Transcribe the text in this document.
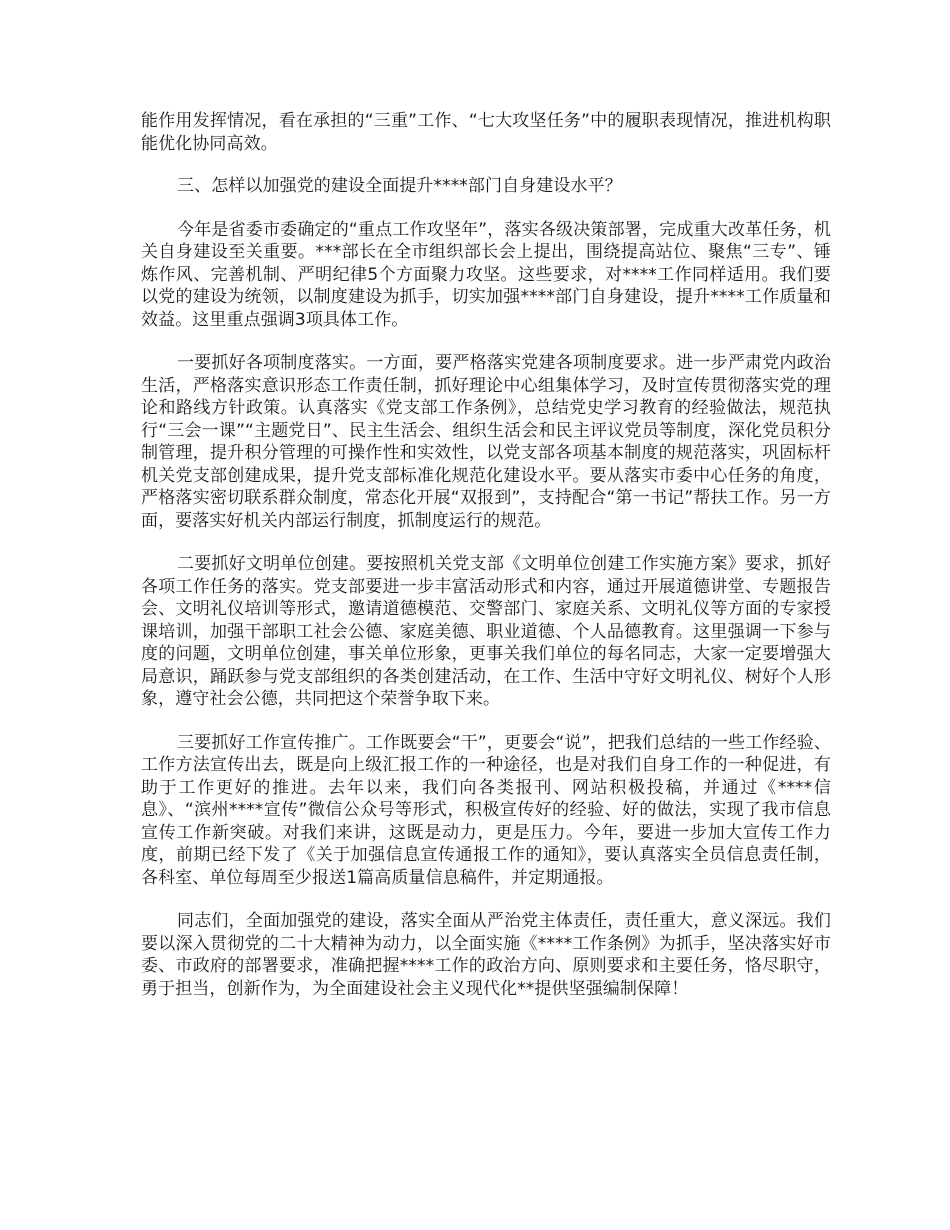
能作用发挥情况，看在承担的“三重”工作、“七大攻坚任务”中的履职表现情况，推进机构职能优化协同高效。

三、怎样以加强党的建设全面提升****部门自身建设水平？

今年是省委市委确定的“重点工作攻坚年”，落实各级决策部署，完成重大改革任务，机关自身建设至关重要。***部长在全市组织部长会上提出，围绕提高站位、聚焦“三专”、锤炼作风、完善机制、严明纪律5个方面聚力攻坚。这些要求，对****工作同样适用。我们要以党的建设为统领，以制度建设为抓手，切实加强****部门自身建设，提升****工作质量和效益。这里重点强调3项具体工作。

一要抓好各项制度落实。一方面，要严格落实党建各项制度要求。进一步严肃党内政治生活，严格落实意识形态工作责任制，抓好理论中心组集体学习，及时宣传贯彻落实党的理论和路线方针政策。认真落实《党支部工作条例》，总结党史学习教育的经验做法，规范执行“三会一课”“主题党日”、民主生活会、组织生活会和民主评议党员等制度，深化党员积分制管理，提升积分管理的可操作性和实效性，以党支部各项基本制度的规范落实，巩固标杆机关党支部创建成果，提升党支部标准化规范化建设水平。要从落实市委中心任务的角度，严格落实密切联系群众制度，常态化开展“双报到”，支持配合“第一书记”帮扶工作。另一方面，要落实好机关内部运行制度，抓制度运行的规范。

二要抓好文明单位创建。要按照机关党支部《文明单位创建工作实施方案》要求，抓好各项工作任务的落实。党支部要进一步丰富活动形式和内容，通过开展道德讲堂、专题报告会、文明礼仪培训等形式，邀请道德模范、交警部门、家庭关系、文明礼仪等方面的专家授课培训，加强干部职工社会公德、家庭美德、职业道德、个人品德教育。这里强调一下参与度的问题，文明单位创建，事关单位形象，更事关我们单位的每名同志，大家一定要增强大局意识，踊跃参与党支部组织的各类创建活动，在工作、生活中守好文明礼仪、树好个人形象，遵守社会公德，共同把这个荣誉争取下来。

三要抓好工作宣传推广。工作既要会“干”，更要会“说”，把我们总结的一些工作经验、工作方法宣传出去，既是向上级汇报工作的一种途径，也是对我们自身工作的一种促进，有助于工作更好的推进。去年以来，我们向各类报刊、网站积极投稿，并通过《****信息》、“滨州****宣传”微信公众号等形式，积极宣传好的经验、好的做法，实现了我市信息宣传工作新突破。对我们来讲，这既是动力，更是压力。今年，要进一步加大宣传工作力度，前期已经下发了《关于加强信息宣传通报工作的通知》，要认真落实全员信息责任制，各科室、单位每周至少报送1篇高质量信息稿件，并定期通报。

同志们，全面加强党的建设，落实全面从严治党主体责任，责任重大，意义深远。我们要以深入贯彻党的二十大精神为动力，以全面实施《****工作条例》为抓手，坚决落实好市委、市政府的部署要求，准确把握****工作的政治方向、原则要求和主要任务，恪尽职守，勇于担当，创新作为，为全面建设社会主义现代化**提供坚强编制保障！
